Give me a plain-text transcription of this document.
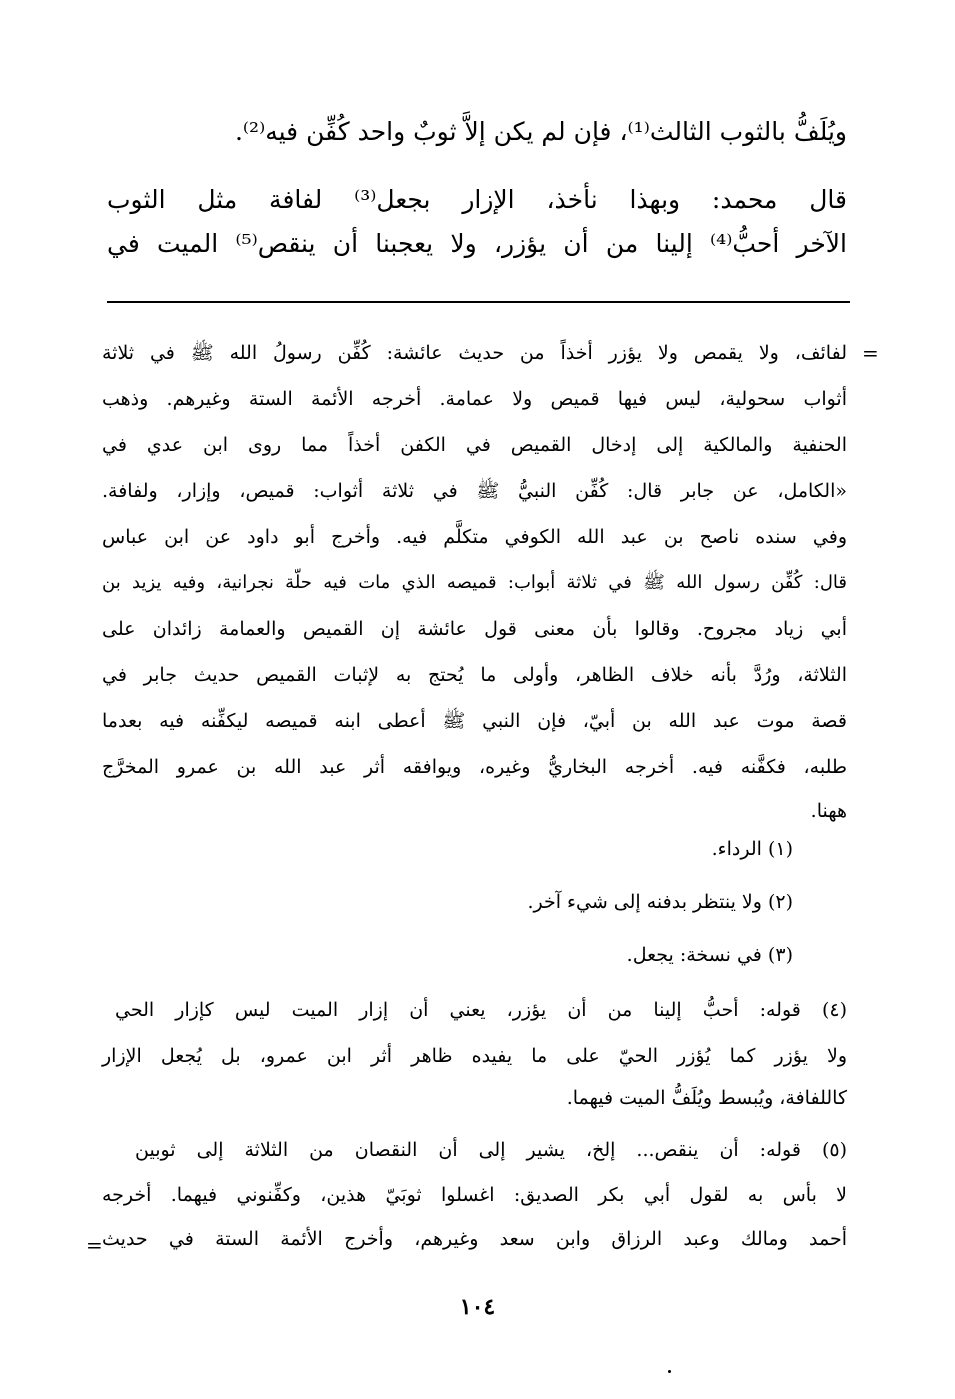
ويُلَفُّ بالثوب الثالث⁽¹⁾، فإن لم يكن إلاَّ ثوبٌ واحد كُفِّن فيه⁽²⁾.
قال محمد: وبهذا نأخذ، الإزار بجعل⁽³⁾ لفافة مثل الثوب
الآخر أحبُّ⁽⁴⁾ إلينا من أن يؤزر، ولا يعجبنا أن ينقص⁽⁵⁾ الميت في
=
لفائف، ولا يقمص ولا يؤزر أخذاً من حديث عائشة: كُفِّن رسولُ الله ﷺ في ثلاثة
أثواب سحولية، ليس فيها قميص ولا عمامة. أخرجه الأئمة الستة وغيرهم. وذهب
الحنفية والمالكية إلى إدخال القميص في الكفن أخذاً مما روى ابن عدي في
«الكامل، عن جابر قال: كُفِّن النبيُّ ﷺ في ثلاثة أثواب: قميص، وإزار، ولفافة.
وفي سنده ناصح بن عبد الله الكوفي متكلَّم فيه. وأخرج أبو داود عن ابن عباس
قال: كُفِّن رسول الله ﷺ في ثلاثة أبواب: قميصه الذي مات فيه حلّة نجرانية، وفيه يزيد بن
أبي زياد مجروح. وقالوا بأن معنى قول عائشة إن القميص والعمامة زائدان على
الثلاثة، ورُدَّ بأنه خلاف الظاهر، وأولى ما يُحتج به لإثبات القميص حديث جابر في
قصة موت عبد الله بن أبيّ، فإن النبي ﷺ أعطى ابنه قميصه ليكفِّنه فيه بعدما
طلبه، فكفَّنه فيه. أخرجه البخاريُّ وغيره، ويوافقه أثر عبد الله بن عمرو المخرَّج
ههنا.
(١) الرداء.
(٢) ولا ينتظر بدفنه إلى شيء آخر.
(٣) في نسخة: يجعل.
(٤) قوله: أحبُّ إلينا من أن يؤزر، يعني أن إزار الميت ليس كإزار الحي
ولا يؤزر كما يُؤزر الحيّ على ما يفيده ظاهر أثر ابن عمرو، بل يُجعل الإزار
كاللفافة، ويُبسط ويُلَفُّ الميت فيهما.
(٥) قوله: أن ينقص... إلخ، يشير إلى أن النقصان من الثلاثة إلى ثوبين
لا بأس به لقول أبي بكر الصديق: اغسلوا ثوبَيّ هذين، وكفِّنوني فيهما. أخرجه
أحمد ومالك وعبد الرزاق وابن سعد وغيرهم، وأخرج الأئمة الستة في حديث
=
١٠٤
